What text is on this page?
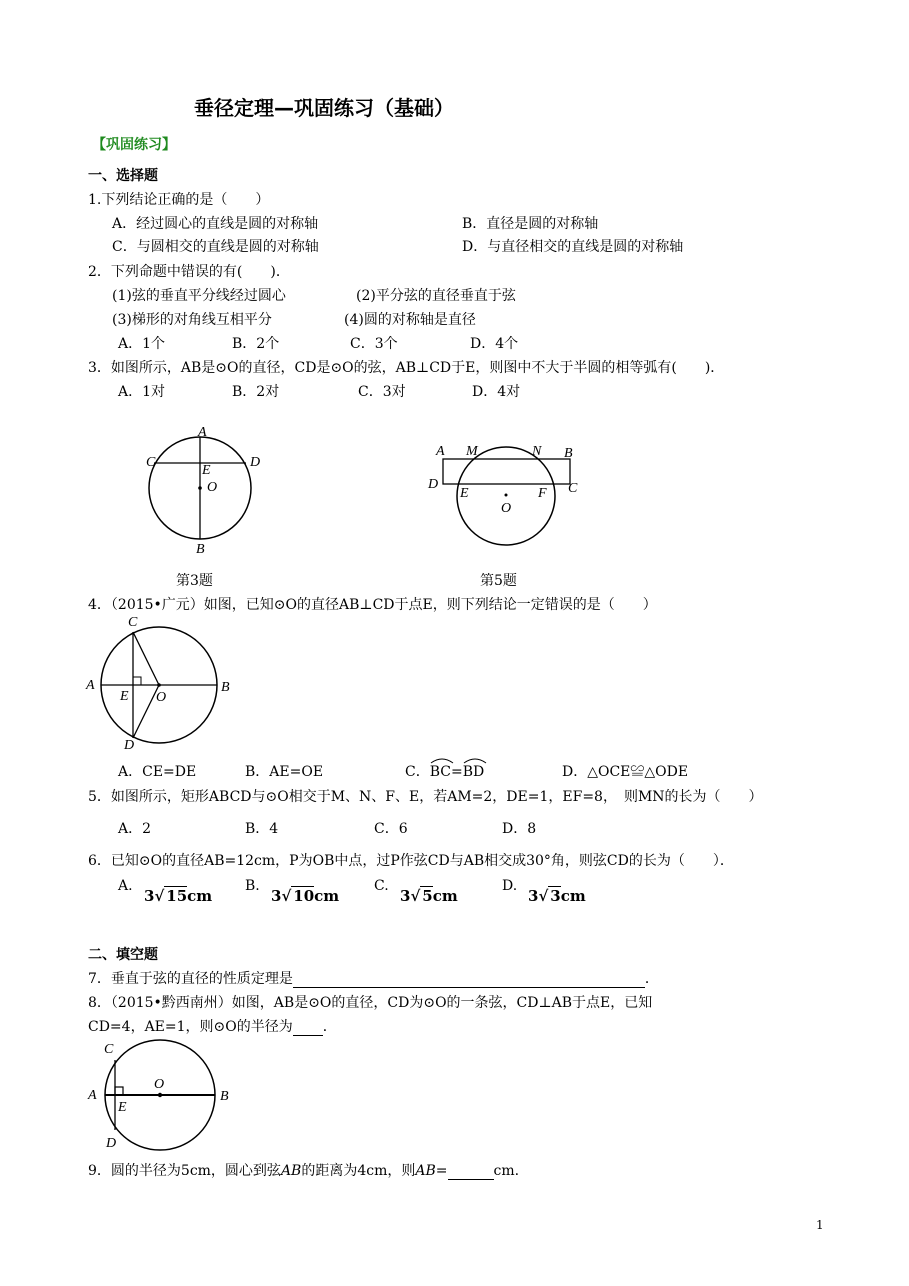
垂径定理—巩固练习（基础）
【巩固练习】
一、选择题
1.下列结论正确的是（　　）
A．经过圆心的直线是圆的对称轴	B．直径是圆的对称轴
C．与圆相交的直线是圆的对称轴	D．与直径相交的直线是圆的对称轴
2．下列命题中错误的有(　　)．
(1)弦的垂直平分线经过圆心	(2)平分弦的直径垂直于弦
(3)梯形的对角线互相平分	(4)圆的对称轴是直径
A．1个	B．2个	C．3个	D．4个
3．如图所示，AB是⊙O的直径，CD是⊙O的弦，AB⊥CD于E，则图中不大于半圆的相等弧有(　　)．
A．1对	B．2对	C．3对	D．4对
A
C	D
E
O
B
第3题
A M	N B
D
E	F C
O
第5题
4．（2015•广元）如图，已知⊙O的直径AB⊥CD于点E，则下列结论一定错误的是（　　）
C
A
E O
B
D
A．CE=DE	B．AE=OE	C．BC
=BD	D．△OCE≌△ODE
5．如图所示，矩形ABCD与⊙O相交于M、N、F、E，若AM=2，DE=1，EF=8，　则MN的长为（　　）
A．2	B．4	C．6	D．8
6．已知⊙O的直径AB=12cm，P为OB中点，过P作弦CD与AB相交成30°角，则弦CD的长为（　　）．
A.
3√ 15cm
B.
3√ 10cm
C.
3√ 5cm
D.
3√ 3cm
二、填空题
7．垂直于弦的直径的性质定理是	．
8．（2015•黔西南州）如图，AB是⊙O的直径，CD为⊙O的一条弦，CD⊥AB于点E，已知
CD=4，AE=1，则⊙O的半径为 ．
C
A
E
O
B
D
9．圆的半径为5cm，圆心到弦AB的距离为4cm，则AB=	cm.
1
